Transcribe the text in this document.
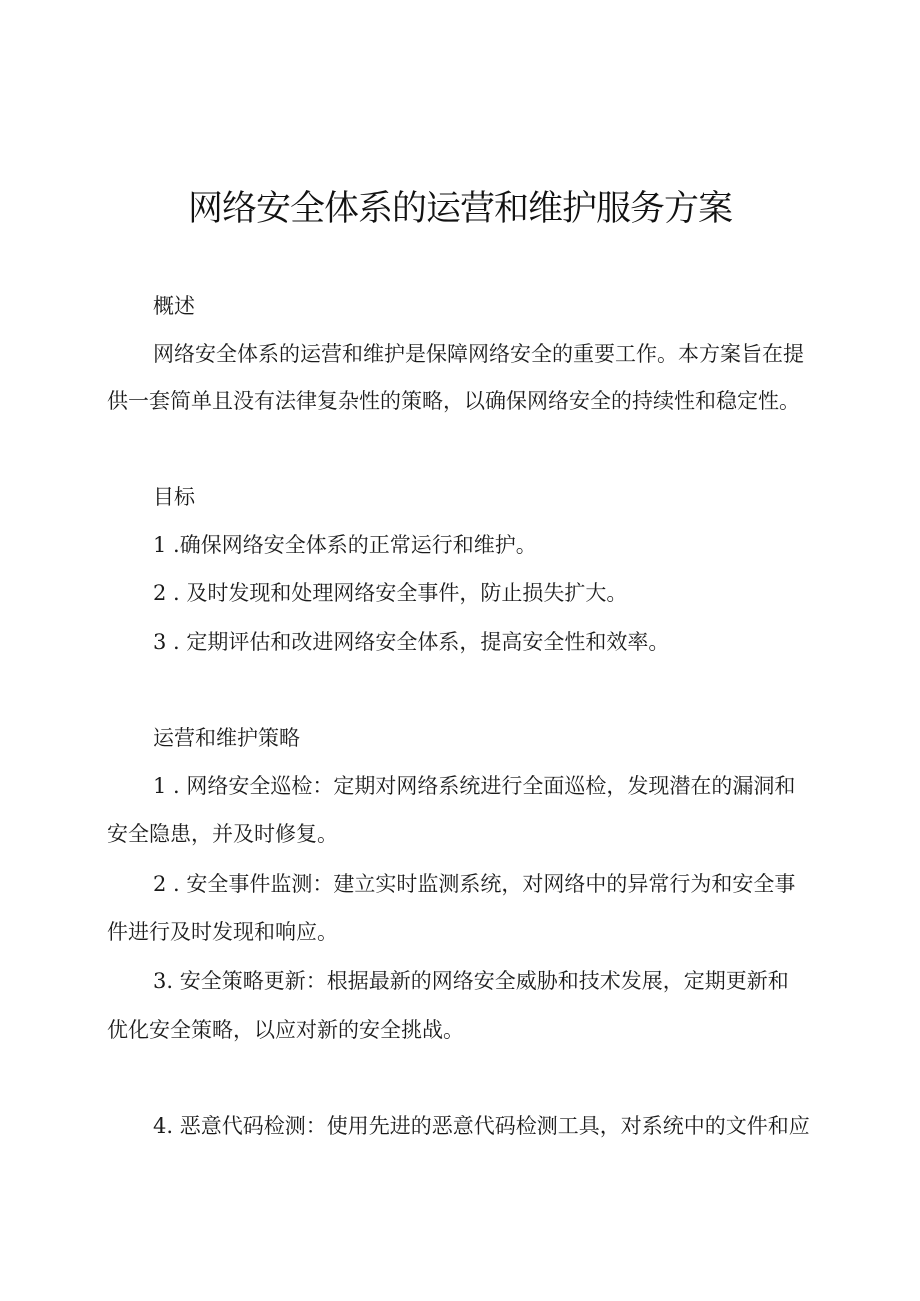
网络安全体系的运营和维护服务方案
概述
网络安全体系的运营和维护是保障网络安全的重要工作。本方案旨在提
供一套简单且没有法律复杂性的策略，以确保网络安全的持续性和稳定性。
目标
1 .确保网络安全体系的正常运行和维护。
2 . 及时发现和处理网络安全事件，防止损失扩大。
3 . 定期评估和改进网络安全体系，提高安全性和效率。
运营和维护策略
1 . 网络安全巡检：定期对网络系统进行全面巡检，发现潜在的漏洞和
安全隐患，并及时修复。
2 . 安全事件监测：建立实时监测系统，对网络中的异常行为和安全事
件进行及时发现和响应。
3. 安全策略更新：根据最新的网络安全威胁和技术发展，定期更新和
优化安全策略，以应对新的安全挑战。
4. 恶意代码检测：使用先进的恶意代码检测工具，对系统中的文件和应
